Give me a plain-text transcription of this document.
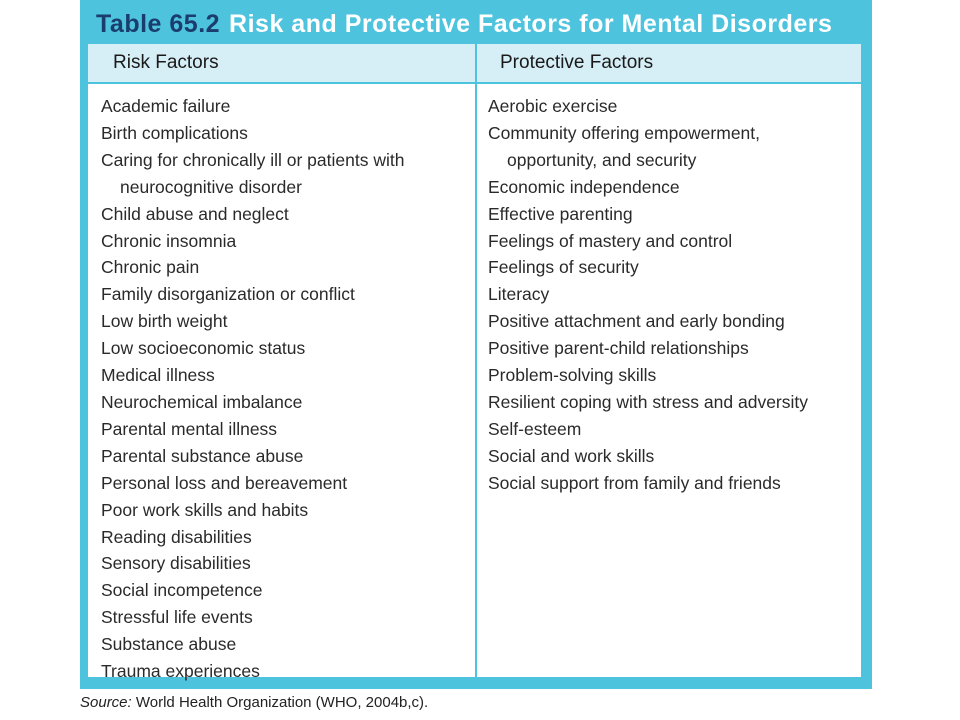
Table 65.2 Risk and Protective Factors for Mental Disorders
Risk Factors
Academic failure
Birth complications
Caring for chronically ill or patients with
neurocognitive disorder
Child abuse and neglect
Chronic insomnia
Chronic pain
Family disorganization or conflict
Low birth weight
Low socioeconomic status
Medical illness
Neurochemical imbalance
Parental mental illness
Parental substance abuse
Personal loss and bereavement
Poor work skills and habits
Reading disabilities
Sensory disabilities
Social incompetence
Stressful life events
Substance abuse
Trauma experiences
Protective Factors
Aerobic exercise
Community offering empowerment,
opportunity, and security
Economic independence
Effective parenting
Feelings of mastery and control
Feelings of security
Literacy
Positive attachment and early bonding
Positive parent-child relationships
Problem-solving skills
Resilient coping with stress and adversity
Self-esteem
Social and work skills
Social support from family and friends
Source: World Health Organization (WHO, 2004b,c).
